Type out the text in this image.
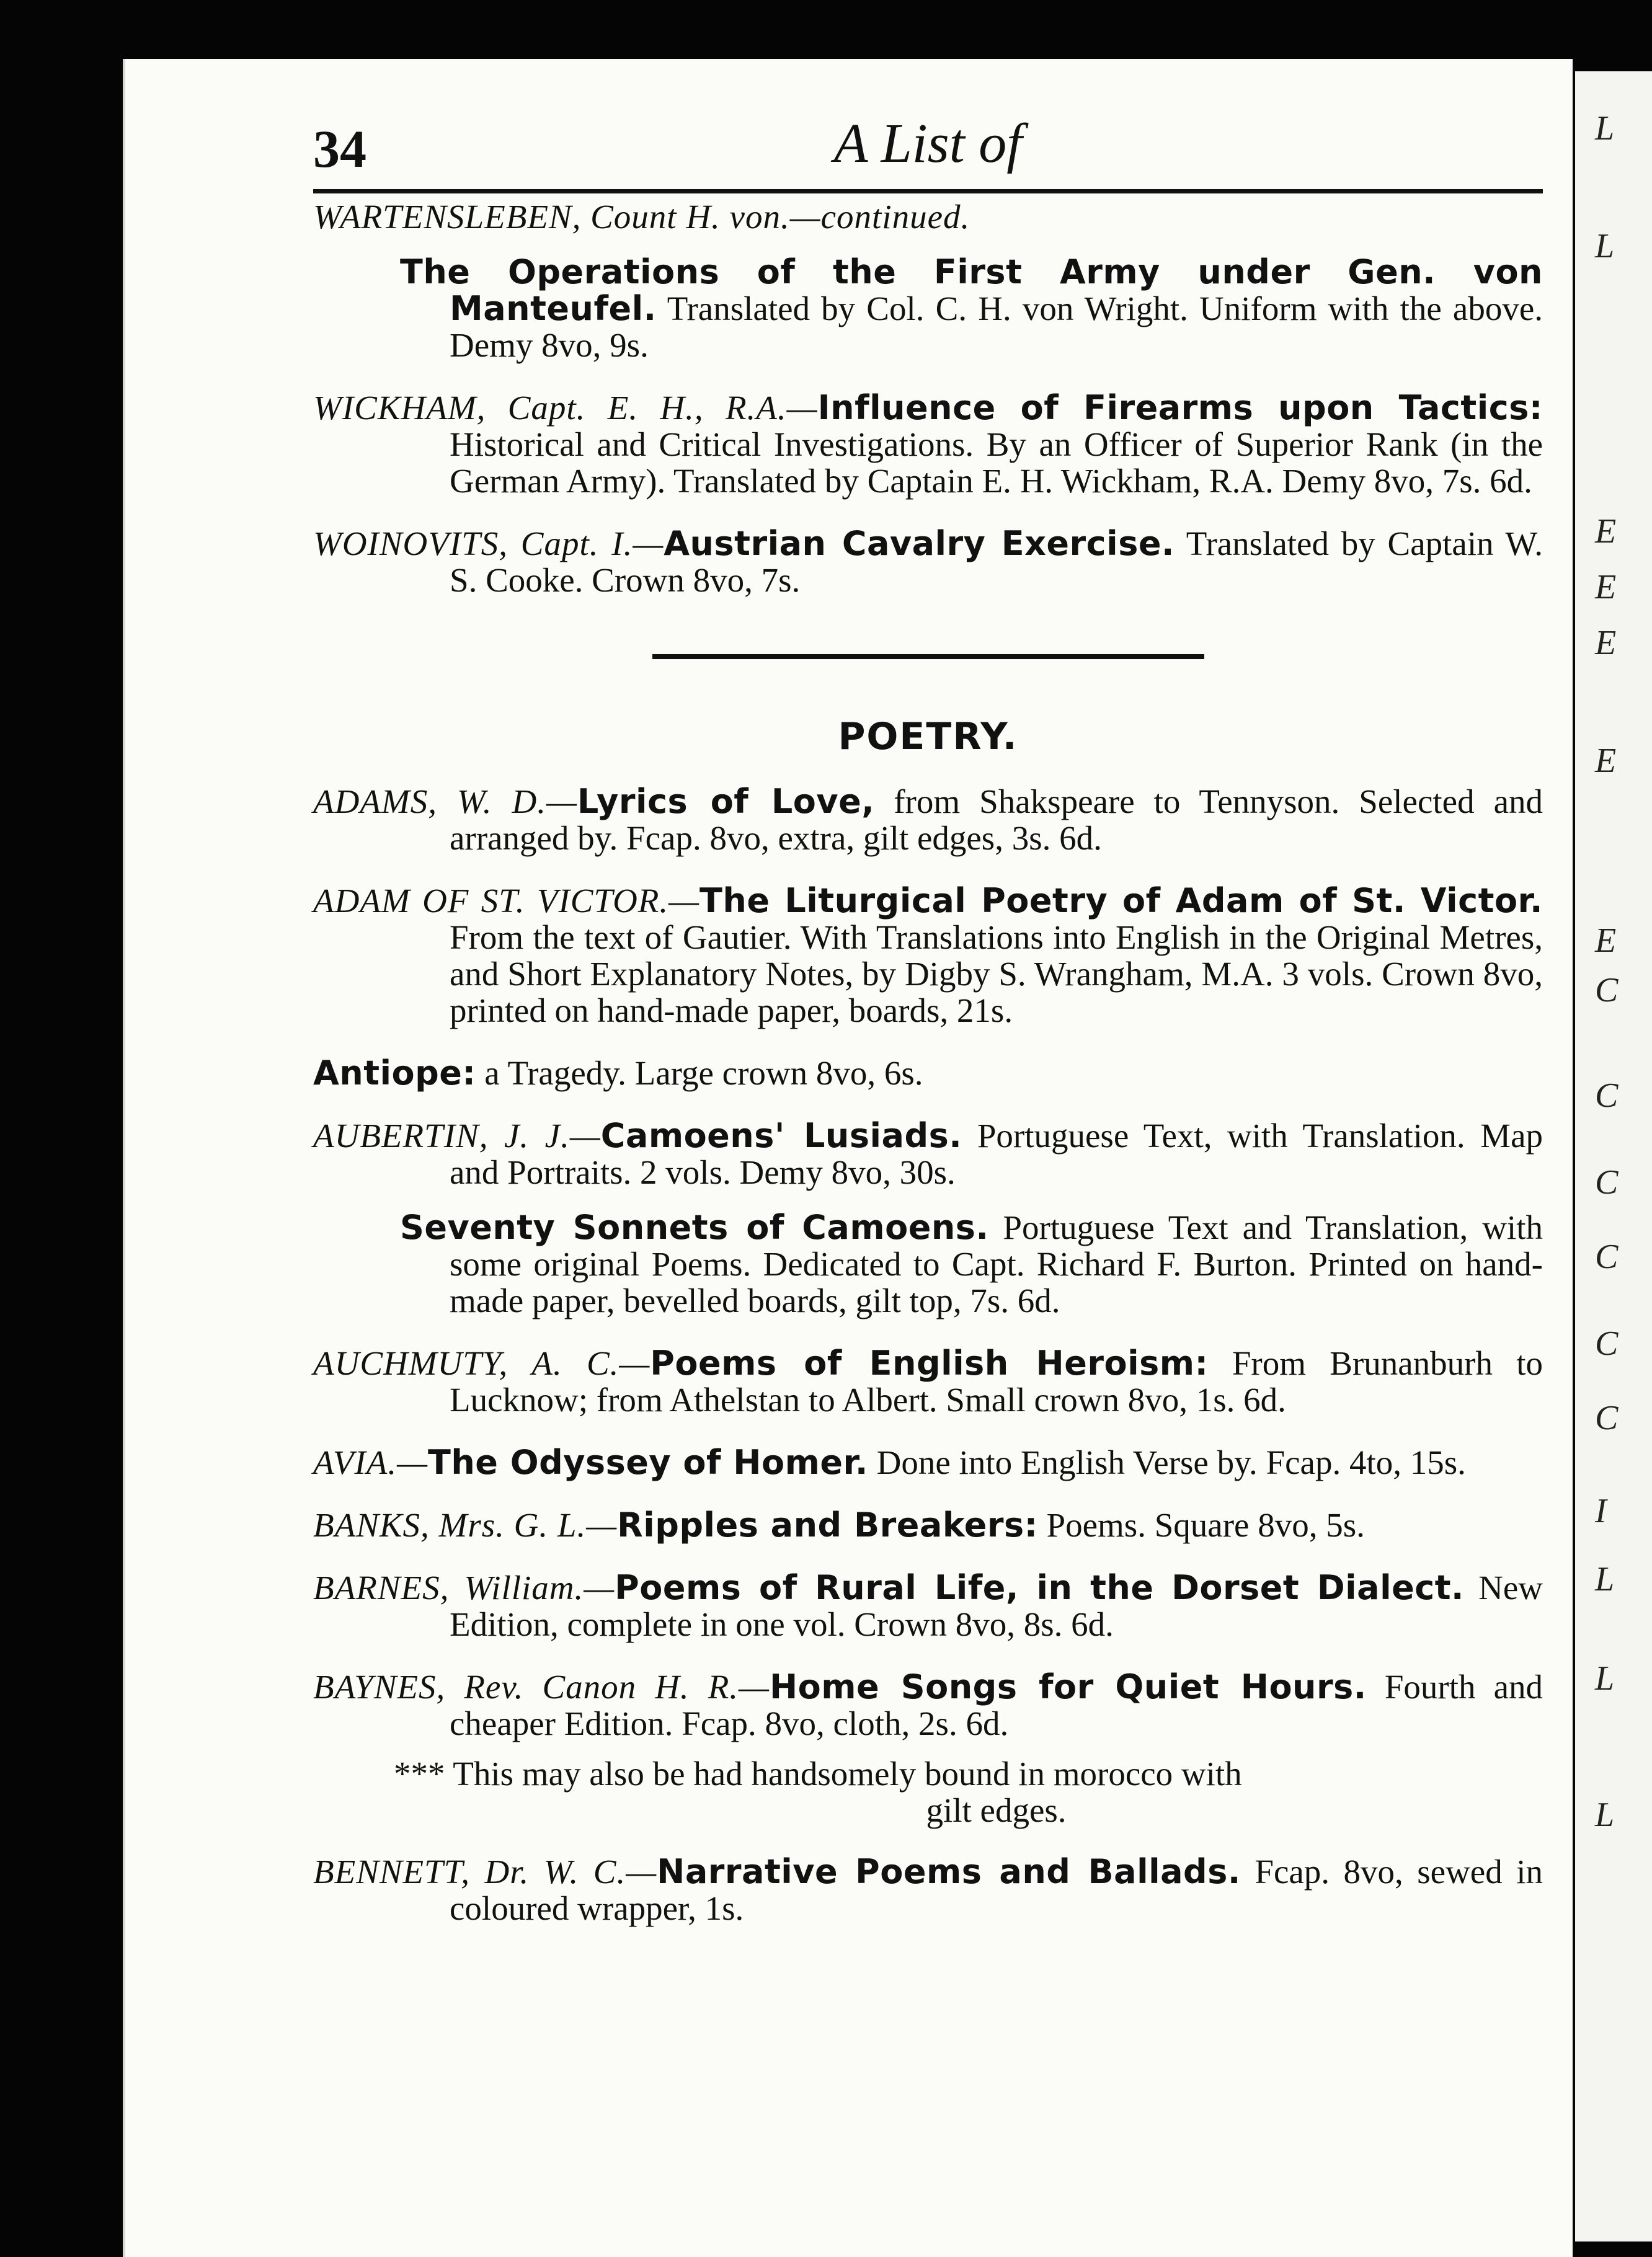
L
L
E
E
E
E
E
C
C
C
C
C
C
I
L
L
L
34	A List of

WARTENSLEBEN, Count H. von.—continued.

The Operations of the First Army under Gen. von Manteufel. Translated by Col. C. H. von Wright. Uniform with the above. Demy 8vo, 9s.

WICKHAM, Capt. E. H., R.A.—Influence of Firearms upon Tactics: Historical and Critical Investigations. By an Officer of Superior Rank (in the German Army). Translated by Captain E. H. Wickham, R.A. Demy 8vo, 7s. 6d.

WOINOVITS, Capt. I.—Austrian Cavalry Exercise. Translated by Captain W. S. Cooke. Crown 8vo, 7s.

POETRY.

ADAMS, W. D.—Lyrics of Love, from Shakspeare to Tennyson. Selected and arranged by. Fcap. 8vo, extra, gilt edges, 3s. 6d.

ADAM OF ST. VICTOR.—The Liturgical Poetry of Adam of St. Victor. From the text of Gautier. With Translations into English in the Original Metres, and Short Explanatory Notes, by Digby S. Wrangham, M.A. 3 vols. Crown 8vo, printed on hand-made paper, boards, 21s.

Antiope: a Tragedy. Large crown 8vo, 6s.

AUBERTIN, J. J.—Camoens' Lusiads. Portuguese Text, with Translation. Map and Portraits. 2 vols. Demy 8vo, 30s.

Seventy Sonnets of Camoens. Portuguese Text and Translation, with some original Poems. Dedicated to Capt. Richard F. Burton. Printed on hand-made paper, bevelled boards, gilt top, 7s. 6d.

AUCHMUTY, A. C.—Poems of English Heroism: From Brunanburh to Lucknow; from Athelstan to Albert. Small crown 8vo, 1s. 6d.

AVIA.—The Odyssey of Homer. Done into English Verse by. Fcap. 4to, 15s.

BANKS, Mrs. G. L.—Ripples and Breakers: Poems. Square 8vo, 5s.

BARNES, William.—Poems of Rural Life, in the Dorset Dialect. New Edition, complete in one vol. Crown 8vo, 8s. 6d.

BAYNES, Rev. Canon H. R.—Home Songs for Quiet Hours. Fourth and cheaper Edition. Fcap. 8vo, cloth, 2s. 6d.

*** This may also be had handsomely bound in morocco with
gilt edges.

BENNETT, Dr. W. C.—Narrative Poems and Ballads. Fcap. 8vo, sewed in coloured wrapper, 1s.
